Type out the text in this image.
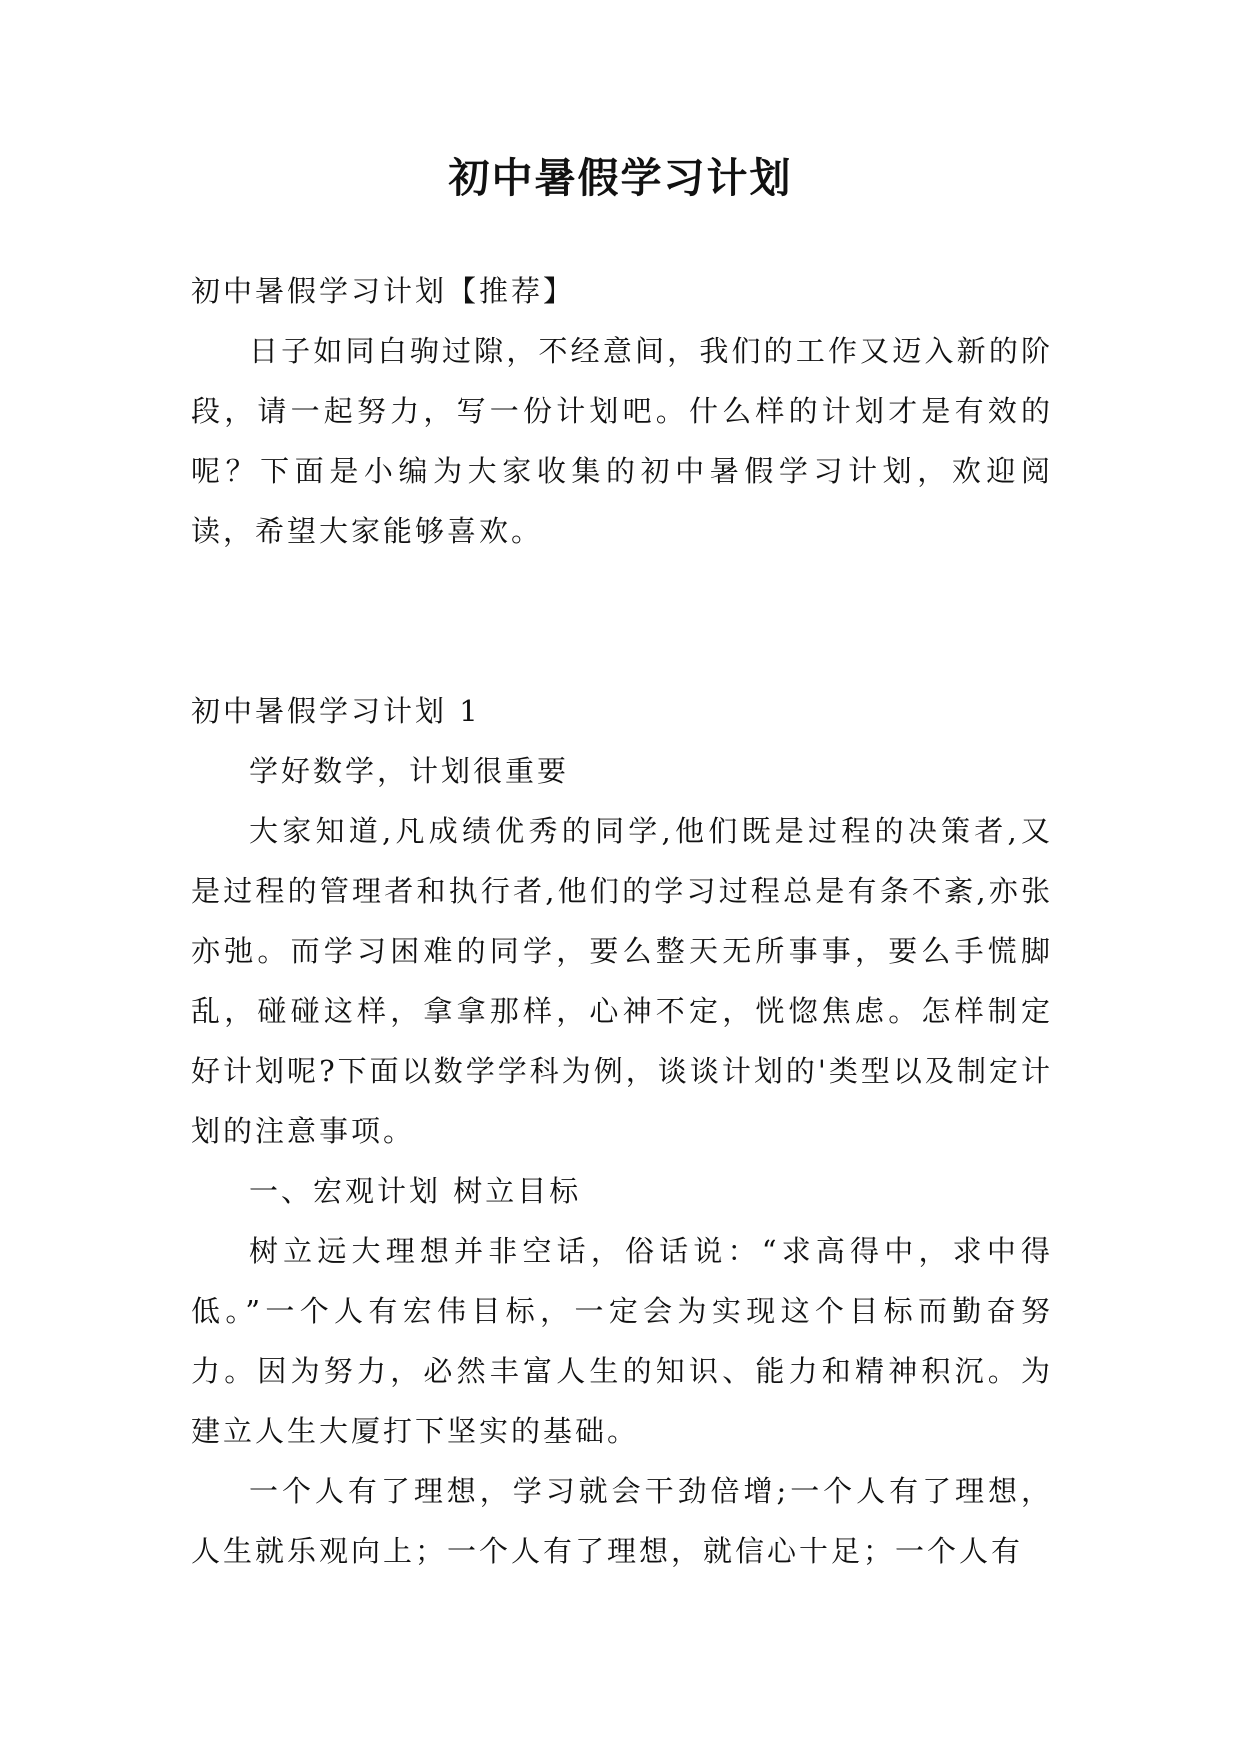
初中暑假学习计划
初中暑假学习计划【推荐】

日子如同白驹过隙，不经意间，我们的工作又迈入新的阶段，请一起努力，写一份计划吧。什么样的计划才是有效的呢？下面是小编为大家收集的初中暑假学习计划，欢迎阅读，希望大家能够喜欢。

初中暑假学习计划 1
学好数学，计划很重要

大家知道,凡成绩优秀的同学,他们既是过程的决策者,又是过程的管理者和执行者,他们的学习过程总是有条不紊,亦张亦弛。而学习困难的同学，要么整天无所事事，要么手慌脚乱，碰碰这样，拿拿那样，心神不定，恍惚焦虑。怎样制定好计划呢?下面以数学学科为例，谈谈计划的'类型以及制定计划的注意事项。

一、宏观计划 树立目标

树立远大理想并非空话，俗话说：“求高得中，求中得低。”一个人有宏伟目标，一定会为实现这个目标而勤奋努力。因为努力，必然丰富人生的知识、能力和精神积沉。为建立人生大厦打下坚实的基础。

一个人有了理想，学习就会干劲倍增;一个人有了理想，人生就乐观向上；一个人有了理想，就信心十足；一个人有
